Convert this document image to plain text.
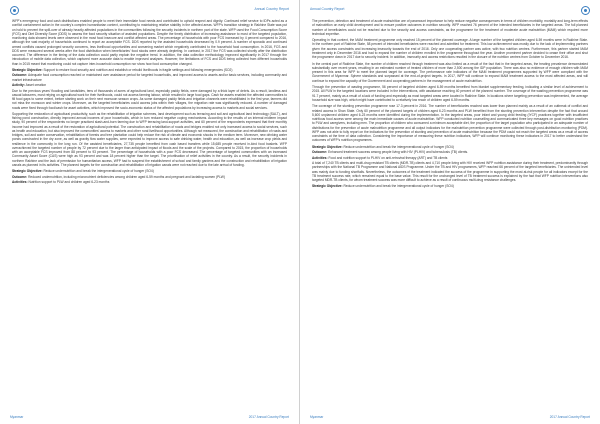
Annual Country Report

WFP's emergency food and cash distributions enabled people to meet their immediate food needs and contributed to uphold respect and dignity. Continued relief service to IDPs acted as a conflict containment action in the country's complex humanitarian context, contributing to maintaining relative stability in the affected areas. WFP's transition strategy in Rakhine State was put on hold to prevent the spill-over of already heavily affected populations in the communities following the security incidents in northern part of the state. WFP used the Food Consumption Score (FCS) and Diet Diversity Score (DDS) to assess the food security situation of assisted populations. Despite the timely distribution of increasing assistance to most of the targeted population, monitoring data showed levels were observed in the most food insecure and conflict affected areas. The percentage of households with poor FCS increased by 4 percent compared to 2016, although the vast majority of households continued to report an acceptable FCS. DDS reported by the assisted households decreased by 0.9 percent. A number of sporadic and continued armed conflicts caused prolonged security concerns, less livelihood opportunities and worsening market which negatively contributed to the household food consumption. In 2016, FCS and DDS were measured several weeks after the food distribution when beneficiaries' food stocks were already depleting. In contrast, in 2017 the FCS was collected shortly after the distribution occurred. The difference in the timing of the data collection could partly explain the negative trend. In addition, the data collection methodology improved significantly in 2017 through the introduction of mobile data collection, which captured more accurate data to enable improved analyses. However, the limitations of FCS and DDS being collected from different households than in 2015 meant that monitoring could not capture inter-household consumption nor show how food consumption changed.

Strategic Objective: Support to restore food security and nutrition and establish or rebuild livelihoods in fragile settings and following emergencies (SO2)

Outcome: Adequate food consumption reached or maintained over assistance period for targeted households, and improved access to assets and/or basic services, including community and market infrastructure

Activity: Asset creation

Due to the previous years' flooding and landslides, tens of thousands of acres of agricultural land, especially paddy fields, were damaged by a thick layer of debris. As a result, landless and casual labourers, most relying on agricultural work for their livelihoods, could not access farming labour, which resulted in large food gaps. Cash for assets enabled the affected communities to fill food gaps to some extent, before starting work on their next monsoon season crops. As some damaged paddy fields and irrigation channels were rehabilitated in the first year, farmers did not miss the monsoon and winter crops. Moreover, as the targeted beneficiaries could access jobs within their villages, the migration rate was significantly reduced. A number of damaged roads were fixed through food/cash for asset activities, which improved the socio-economic status of the affected populations by increasing access to markets and social services.

Supporting the restoration of agricultural productivity, such as the rehabilitation of irrigation schemes, land development such as terracing and soil and agricultural land technology (SALT), and fishing pond construction, directly improved annual incomes of poor households, which in turn reduced negative coping mechanisms. According to the results of an internal midterm impact study, 90 percent of the respondents no longer practiced slash-and-burn farming due to WFP terracing land-support activities, and 60 percent of the respondents expressed that their monthly income had improved as a result of the restoration of agricultural potential. The construction and rehabilitation of roads and bridges enabled not only increased access to social services, such as health and education, but also improved the communities' access to markets and other rural livelihood opportunities. Although not measured, the construction and rehabilitation of roads and bridges, soil and water conservation, rehabilitation of forests and tree plantation could help reduce the risk of climate and economic shocks in the medium term. Moreover, new drinking water ponds constructed in the dry zone, as well as gravity flow water supplies, were expected to improve access to safe drinking water, health and education, as well as increase crop yields and resilience in the community in the long run. Of the assisted beneficiaries, 27,735 people benefited from cash based transfers while 15,685 people received in-kind food baskets. WFP overachieved the targeted number of people by 72 percent due to the larger than anticipated impact of floods and the scale of the projects. Compared to 2015, the proportion of households with an acceptable FCS improved from 88 percent to 93 percent. The percentage of households with a poor FCS decreased. The percentage of targeted communities with an increased Community Asset Score (CAS) were high as 93 percent and was 18 percent higher than the target. The prioritisation of relief activities in the country. As a result, the security incidents in northern Rakhine and the lack of permission for humanitarian access, WFP had to suspend the establishment of school and family gardens and the construction and rehabilitation of irrigation canals as planned in its activities. The planned targets for the construction and rehabilitation of irrigation canals were not reached due to the late arrival of funding.

Strategic Objective: Reduce undernutrition and break the intergenerational cycle of hunger (SO4)

Outcome: Reduced undernutrition, including micronutrient deficiencies among children aged 6-59 months and pregnant and lactating women (PLW)

Activities: Nutrition support to PLW and children aged 6-23 months

Myanmar	2017 Annual Country Report
Annual Country Report

The prevention, detection and treatment of acute malnutrition are of paramount importance to help reduce negative consequences in terms of children morbidity, mortality and long-term effects of malnutrition on early child development and to ensure positive outcomes in nutrition security. WFP reached 76 percent of the intended beneficiaries in the targeted areas. The full planned number of beneficiaries could not be reached due to the security and access constraints, as the programme for the treatment of moderate acute malnutrition (MAM) which required more technical expertise.

Operating in that context, the MAM treatment programme only reached 15 percent of the planned coverage. A large number of the targeted children aged 6-59 months were in Rakhine State. In the northern part of Rakhine State, 58 percent of intended beneficiaries were reached and admitted for treatment. This low achievement was mostly due to the lack of implementing partners given the access constraints and increasing insecurity towards the end of 2016. Only one cooperating partner was active, with two nutrition centres. Furthermore, this partner started MAM treatment only in December 2016 and had to expand the number of children enrolled in the programme throughout the year. Another prominent partner decided to cease their office and shut the programme down in 2017 due to security incident. In addition, insecurity and access restrictions resulted in the closure of the nutrition centres from October to December 2016.

In the central part of Rakhine State, the number of children reached through treatment was also limited as a result of the fact that in the targeted areas, the treating prevalence demonstrated substantially over recent years, resulting in an estimated number of treated children of more than 2,500 among the IDP population. There was also no evidence of enough children with MAM present in this area for WFP to meet the planned target for coverage. The performance rate indicators of the MAM treatment programmes supported by WFP were compliant with the Government of Myanmar. Sphere standards and surpassed at the end-of-project targets. In 2017, WFP will continue to expand MAM treatment access to the most affected areas, and will continue to expand the capacity of the Government and cooperating partners in the management of acute malnutrition.

Through the prevention of wasting programme, 56 percent of targeted children aged 6-59 months benefited from blanket supplementary feeding, indicating a similar level of achievement to 2015. All PLW in the targeted locations were included in the interventions, with assistance reaching 40 percent of the planned number. The coverage of the wasting prevention programme was 91.7 percent, mainly as a result of a lack of funding and especially as most targeted areas were located in Rakhine State. In locations where targeting prevention was implemented, the average household size was high, which might have contributed to a relatively low reach of children aged 6-59 months.

The coverage of the stunting prevention programme rose 17.3 percent in 2016. The number of beneficiaries reached was lower than planned mainly as a result of an outbreak of conflict and related access in Shan State. Only 60 percent of the planned targets of children aged 6-23 months and PLW benefited from the stunting prevention intervention despite the fact that around 5,600 unplanned children aged 6-23 months were identified during the implementation. In the targeted areas, poor infant and young child feeding (IYCF) practices together with insufficient nutritious food access were among the main immediate causes of acute malnutrition. WFP conducted nutrition counselling and communicated three key messages on good nutrition practices to PLW and caregivers, including men. The proportion of children who consumed a minimum acceptable diet, the proportion of the target population who participated in an adequate number of distributions for the prevention of acute malnutrition programme and all output indicators for the malnutrition prevention programme were collected through post-distribution monitoring (PDM). WFP was not able to fully report on the indicators for the prevention of stunting and prevention of acute malnutrition because the PDM could not reach the targeted areas as a result of access constraints at the time of data collection. Considering the importance of measuring these nutrition indicators, WFP will continue monitoring these indicators in 2017 to better understand the outcomes of WFP's nutrition programmes.

Strategic Objective: Reduce undernutrition and break the intergenerational cycle of hunger (SO4)

Outcome: Enhanced treatment success among people living with HIV (PLHIV) and tuberculosis (TB) clients.

Activities: Food and nutrition support to PLHIV on anti-retroviral therapy (ART) and TB clients

A total of 7,240 TB clients and multi-drug resistant TB clients (MDR-TB) clients and 4,710 people living with HIV received WFP nutrition assistance during their treatment, predominantly through partnerships with the National TB Programme and National AIDS Programme. Under the TB and HIV programmes, WFP reached 66 percent of the targeted beneficiaries. The unintended level was mainly due to funding shortfalls. Nevertheless, the outcomes of the treatment indicated the success of the programme in supporting the most at-risk people for all indicators except for the TB treatment success rate, which remained equal to the base value. This result for the unchanged level of TB treatment success is explained by the fact that WFP nutrition interventions also targeted MDR-TB clients, for whom treatment success was more difficult to achieve as a result of continuous multi-drug resistance challenges.

Strategic Objective: Reduce undernutrition and break the intergenerational cycle of hunger (SO4)

Myanmar	2017 Annual Country Report
